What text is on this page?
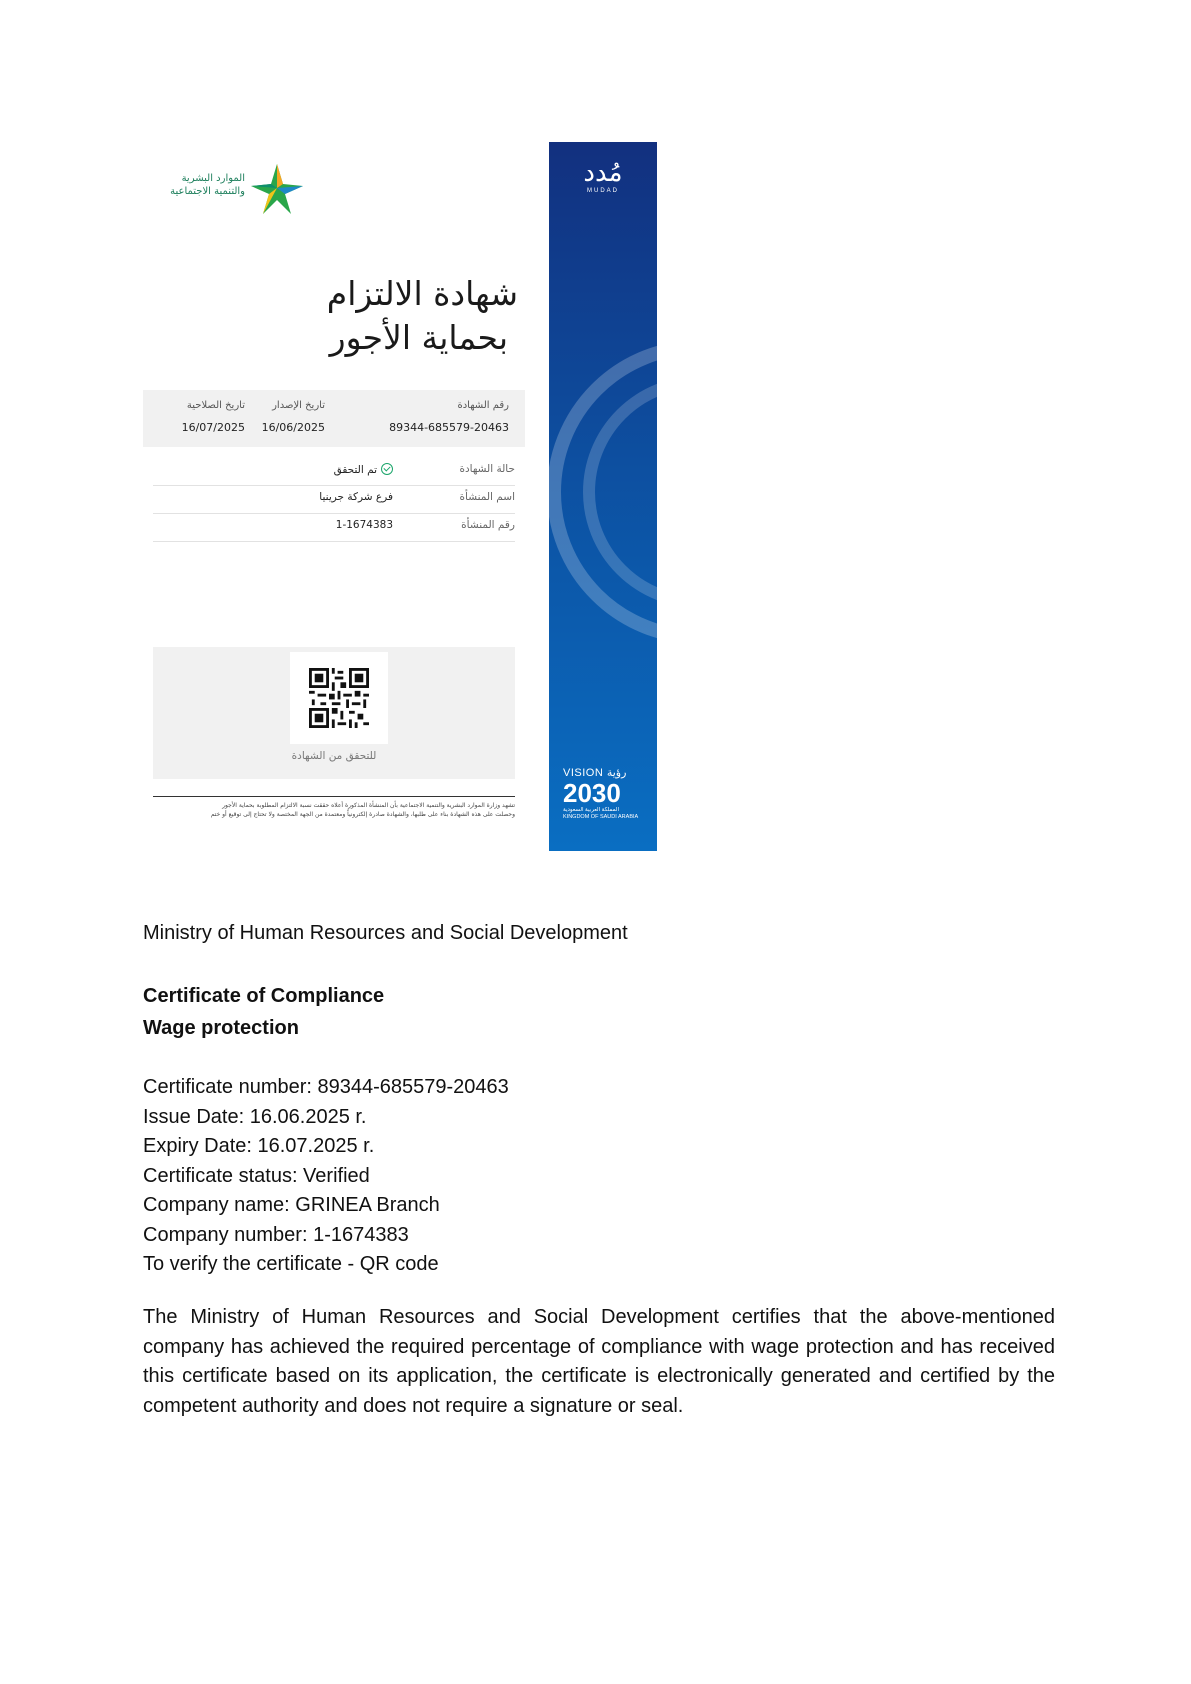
الموارد البشرية والتنمية الاجتماعية
شهادة الالتزام
بحماية الأجور
تاريخ الصلاحية
16/07/2025
تاريخ الإصدار
16/06/2025
رقم الشهادة
89344-685579-20463
حالة الشهادة
تم التحقق
اسم المنشأة
فرع شركة جرينيا
رقم المنشأة
1-1674383
للتحقق من الشهادة
تشهد وزارة الموارد البشرية والتنمية الاجتماعية بأن المنشأة المذكورة أعلاه حققت نسبة الالتزام المطلوبة بحماية الأجور
وحصلت على هذه الشهادة بناء على طلبها، والشهادة صادرة إلكترونياً ومعتمدة من الجهة المختصة ولا تحتاج إلى توقيع أو ختم
مُدد
MUDAD
VISION رؤية
2030
المملكة العربية السعودية
KINGDOM OF SAUDI ARABIA
Ministry of Human Resources and Social Development
Certificate of Compliance
Wage protection
Certificate number: 89344-685579-20463
Issue Date: 16.06.2025 r.
Expiry Date: 16.07.2025 r.
Certificate status: Verified
Company name: GRINEA Branch
Company number: 1-1674383
To verify the certificate - QR code
The Ministry of Human Resources and Social Development certifies that the above-mentioned company has achieved the required percentage of compliance with wage protection and has received this certificate based on its application, the certificate is electronically generated and certified by the competent authority and does not require a signature or seal.
